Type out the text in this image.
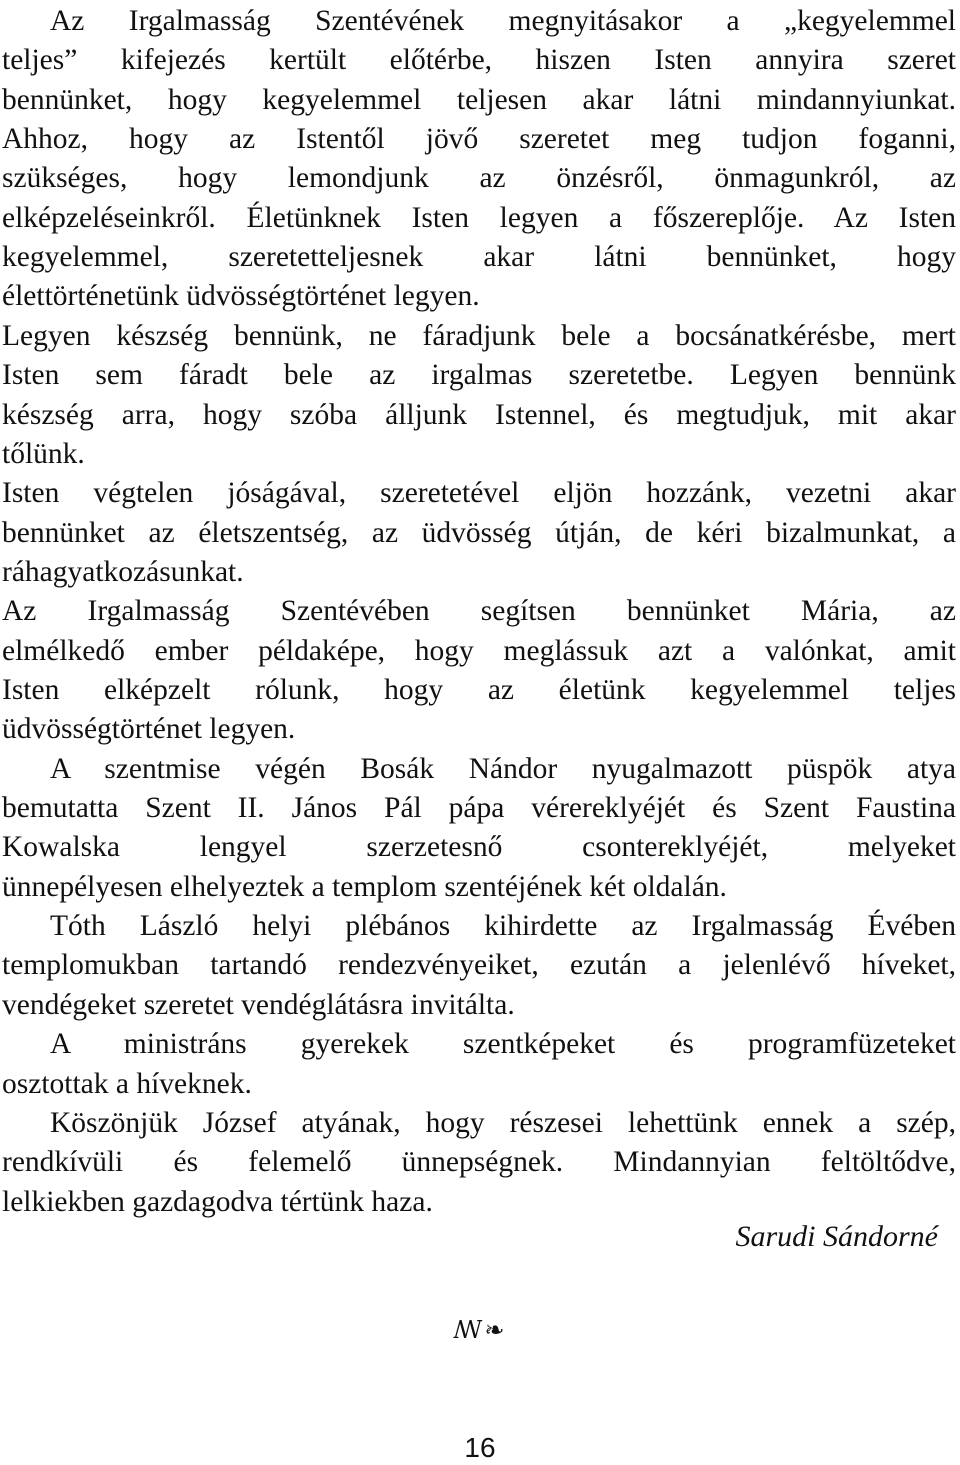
Az Irgalmasság Szentévének megnyitásakor a „kegyelemmel
teljes” kifejezés kertült előtérbe, hiszen Isten annyira szeret
bennünket, hogy kegyelemmel teljesen akar látni mindannyiunkat.
Ahhoz, hogy az Istentől jövő szeretet meg tudjon foganni,
szükséges, hogy lemondjunk az önzésről, önmagunkról, az
elképzeléseinkről. Életünknek Isten legyen a főszereplője. Az Isten
kegyelemmel, szeretetteljesnek akar látni bennünket, hogy
élettörténetünk üdvösségtörténet legyen.
Legyen készség bennünk, ne fáradjunk bele a bocsánatkérésbe, mert
Isten sem fáradt bele az irgalmas szeretetbe. Legyen bennünk
készség arra, hogy szóba álljunk Istennel, és megtudjuk, mit akar
tőlünk.
Isten végtelen jóságával, szeretetével eljön hozzánk, vezetni akar
bennünket az életszentség, az üdvösség útján, de kéri bizalmunkat, a
ráhagyatkozásunkat.
Az Irgalmasság Szentévében segítsen bennünket Mária, az
elmélkedő ember példaképe, hogy meglássuk azt a valónkat, amit
Isten elképzelt rólunk, hogy az életünk kegyelemmel teljes
üdvösségtörténet legyen.
A szentmise végén Bosák Nándor nyugalmazott püspök atya
bemutatta Szent II. János Pál pápa vérereklyéjét és Szent Faustina
Kowalska lengyel szerzetesnő csontereklyéjét, melyeket
ünnepélyesen elhelyeztek a templom szentéjének két oldalán.
Tóth László helyi plébános kihirdette az Irgalmasság Évében
templomukban tartandó rendezvényeiket, ezután a jelenlévő híveket,
vendégeket szeretet vendéglátásra invitálta.
A ministráns gyerekek szentképeket és programfüzeteket
osztottak a híveknek.
Köszönjük József atyának, hogy részesei lehettünk ennek a szép,
rendkívüli és felemelő ünnepségnek. Mindannyian feltöltődve,
lelkiekben gazdagodva tértünk haza.
Sarudi Sándorné
ꟿ❧
16
